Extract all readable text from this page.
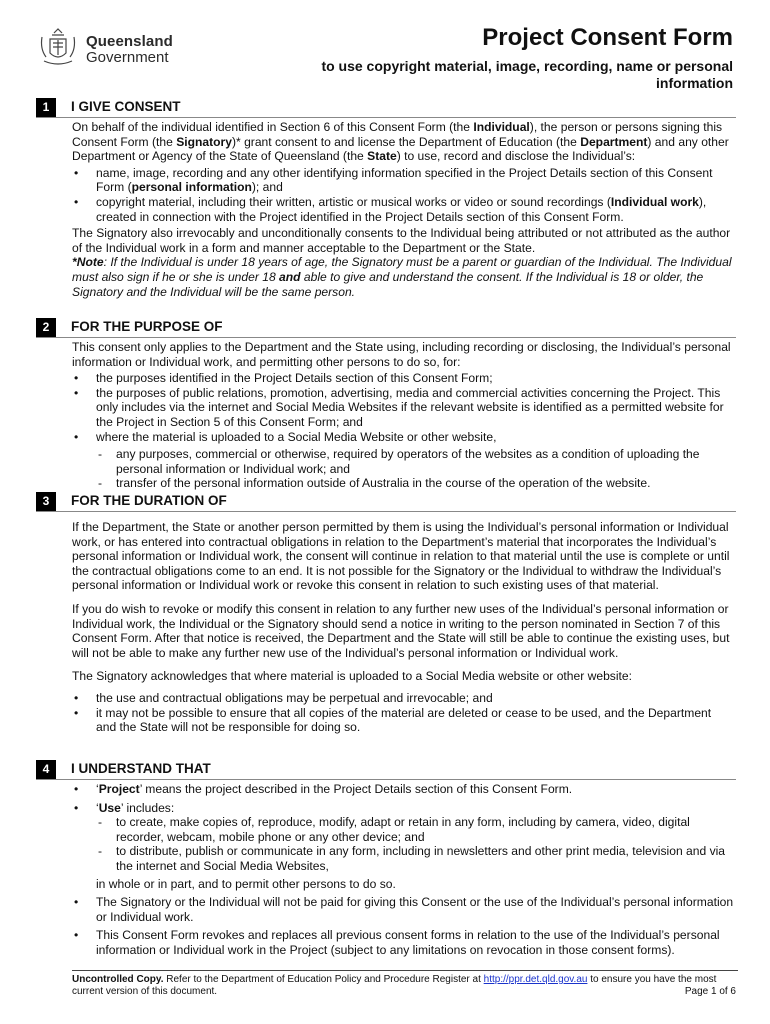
Queensland
Government
Project Consent Form
to use copyright material, image, recording, name or personal information
1	I GIVE CONSENT

On behalf of the individual identified in Section 6 of this Consent Form (the Individual), the person or persons signing this Consent Form (the Signatory)* grant consent to and license the Department of Education (the Department) and any other Department or Agency of the State of Queensland (the State) to use, record and disclose the Individual’s:

• name, image, recording and any other identifying information specified in the Project Details section of this Consent Form (personal information); and
• copyright material, including their written, artistic or musical works or video or sound recordings (Individual work), created in connection with the Project identified in the Project Details section of this Consent Form.

The Signatory also irrevocably and unconditionally consents to the Individual being attributed or not attributed as the author of the Individual work in a form and manner acceptable to the Department or the State.

*Note: If the Individual is under 18 years of age, the Signatory must be a parent or guardian of the Individual. The Individual must also sign if he or she is under 18 and able to give and understand the consent. If the Individual is 18 or older, the Signatory and the Individual will be the same person.

2	FOR THE PURPOSE OF

This consent only applies to the Department and the State using, including recording or disclosing, the Individual’s personal information or Individual work, and permitting other persons to do so, for:

• the purposes identified in the Project Details section of this Consent Form;
• the purposes of public relations, promotion, advertising, media and commercial activities concerning the Project. This only includes via the internet and Social Media Websites if the relevant website is identified as a permitted website for the Project in Section 5 of this Consent Form; and
• where the material is uploaded to a Social Media Website or other website,
- any purposes, commercial or otherwise, required by operators of the websites as a condition of uploading the personal information or Individual work; and
- transfer of the personal information outside of Australia in the course of the operation of the website.
3	FOR THE DURATION OF

If the Department, the State or another person permitted by them is using the Individual’s personal information or Individual work, or has entered into contractual obligations in relation to the Department’s material that incorporates the Individual’s personal information or Individual work, the consent will continue in relation to that material until the use is complete or until the contractual obligations come to an end. It is not possible for the Signatory or the Individual to withdraw the Individual’s personal information or Individual work or revoke this consent in relation to such existing uses of that material.

If you do wish to revoke or modify this consent in relation to any further new uses of the Individual’s personal information or Individual work, the Individual or the Signatory should send a notice in writing to the person nominated in Section 7 of this Consent Form. After that notice is received, the Department and the State will still be able to continue the existing uses, but will not be able to make any further new use of the Individual’s personal information or Individual work.

The Signatory acknowledges that where material is uploaded to a Social Media website or other website:

• the use and contractual obligations may be perpetual and irrevocable; and
• it may not be possible to ensure that all copies of the material are deleted or cease to be used, and the Department and the State will not be responsible for doing so.
4	I UNDERSTAND THAT
• ‘Project’ means the project described in the Project Details section of this Consent Form.
• ‘Use’ includes:
- to create, make copies of, reproduce, modify, adapt or retain in any form, including by camera, video, digital recorder, webcam, mobile phone or any other device; and
- to distribute, publish or communicate in any form, including in newsletters and other print media, television and via the internet and Social Media Websites,

in whole or in part, and to permit other persons to do so.

• The Signatory or the Individual will not be paid for giving this Consent or the use of the Individual’s personal information or Individual work.
• This Consent Form revokes and replaces all previous consent forms in relation to the use of the Individual’s personal information or Individual work in the Project (subject to any limitations on revocation in those consent forms).
Uncontrolled Copy. Refer to the Department of Education Policy and Procedure Register at http://ppr.det.qld.gov.au to ensure you have the most current version of this document.	Page 1 of 6
